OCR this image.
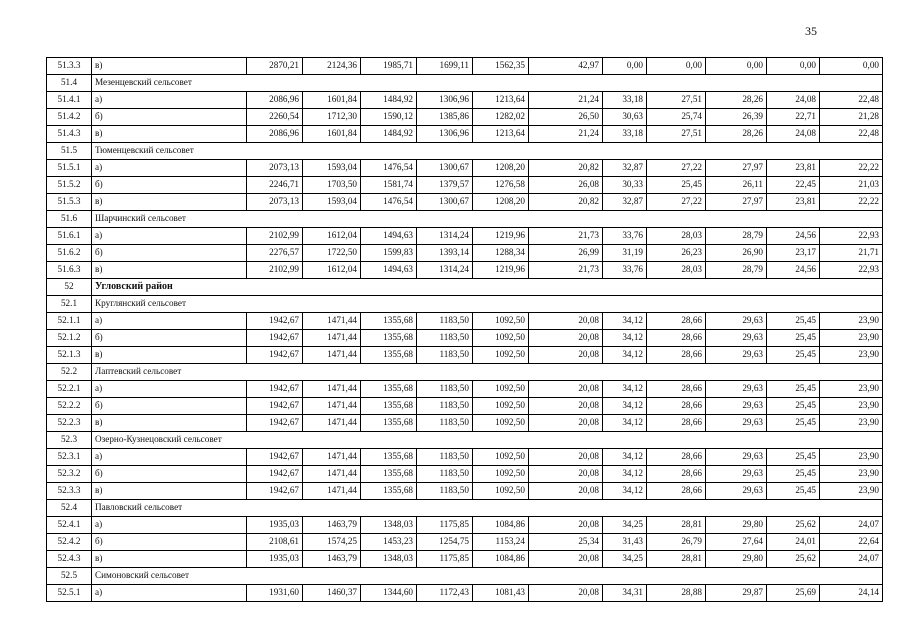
35
51.3.3	в)	2870,21	2124,36	1985,71	1699,11	1562,35	42,97	0,00	0,00	0,00	0,00	0,00
51.4	Мезенцевский сельсовет											
51.4.1	а)	2086,96	1601,84	1484,92	1306,96	1213,64	21,24	33,18	27,51	28,26	24,08	22,48
51.4.2	б)	2260,54	1712,30	1590,12	1385,86	1282,02	26,50	30,63	25,74	26,39	22,71	21,28
51.4.3	в)	2086,96	1601,84	1484,92	1306,96	1213,64	21,24	33,18	27,51	28,26	24,08	22,48
51.5	Тюменцевский сельсовет											
51.5.1	а)	2073,13	1593,04	1476,54	1300,67	1208,20	20,82	32,87	27,22	27,97	23,81	22,22
51.5.2	б)	2246,71	1703,50	1581,74	1379,57	1276,58	26,08	30,33	25,45	26,11	22,45	21,03
51.5.3	в)	2073,13	1593,04	1476,54	1300,67	1208,20	20,82	32,87	27,22	27,97	23,81	22,22
51.6	Шарчинский сельсовет											
51.6.1	а)	2102,99	1612,04	1494,63	1314,24	1219,96	21,73	33,76	28,03	28,79	24,56	22,93
51.6.2	б)	2276,57	1722,50	1599,83	1393,14	1288,34	26,99	31,19	26,23	26,90	23,17	21,71
51.6.3	в)	2102,99	1612,04	1494,63	1314,24	1219,96	21,73	33,76	28,03	28,79	24,56	22,93
52	Угловский район											
52.1	Круглянский сельсовет											
52.1.1	а)	1942,67	1471,44	1355,68	1183,50	1092,50	20,08	34,12	28,66	29,63	25,45	23,90
52.1.2	б)	1942,67	1471,44	1355,68	1183,50	1092,50	20,08	34,12	28,66	29,63	25,45	23,90
52.1.3	в)	1942,67	1471,44	1355,68	1183,50	1092,50	20,08	34,12	28,66	29,63	25,45	23,90
52.2	Лаптевский сельсовет											
52.2.1	а)	1942,67	1471,44	1355,68	1183,50	1092,50	20,08	34,12	28,66	29,63	25,45	23,90
52.2.2	б)	1942,67	1471,44	1355,68	1183,50	1092,50	20,08	34,12	28,66	29,63	25,45	23,90
52.2.3	в)	1942,67	1471,44	1355,68	1183,50	1092,50	20,08	34,12	28,66	29,63	25,45	23,90
52.3	Озерно-Кузнецовский сельсовет											
52.3.1	а)	1942,67	1471,44	1355,68	1183,50	1092,50	20,08	34,12	28,66	29,63	25,45	23,90
52.3.2	б)	1942,67	1471,44	1355,68	1183,50	1092,50	20,08	34,12	28,66	29,63	25,45	23,90
52.3.3	в)	1942,67	1471,44	1355,68	1183,50	1092,50	20,08	34,12	28,66	29,63	25,45	23,90
52.4	Павловский сельсовет											
52.4.1	а)	1935,03	1463,79	1348,03	1175,85	1084,86	20,08	34,25	28,81	29,80	25,62	24,07
52.4.2	б)	2108,61	1574,25	1453,23	1254,75	1153,24	25,34	31,43	26,79	27,64	24,01	22,64
52.4.3	в)	1935,03	1463,79	1348,03	1175,85	1084,86	20,08	34,25	28,81	29,80	25,62	24,07
52.5	Симоновский сельсовет											
52.5.1	а)	1931,60	1460,37	1344,60	1172,43	1081,43	20,08	34,31	28,88	29,87	25,69	24,14
